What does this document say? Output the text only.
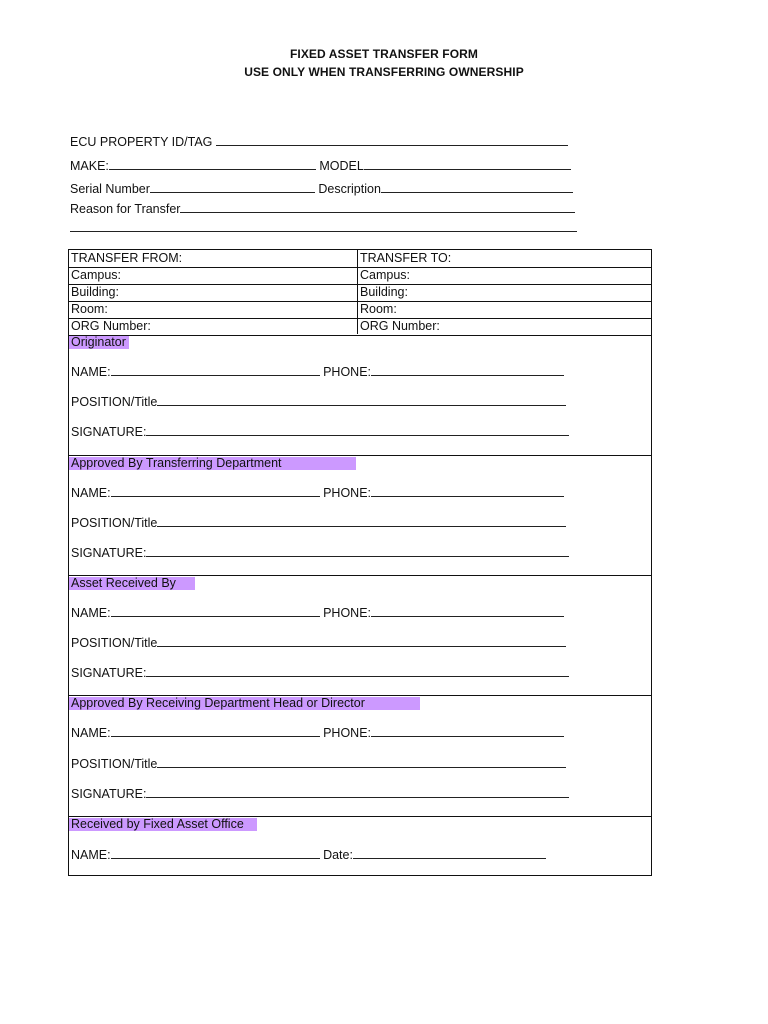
FIXED ASSET TRANSFER FORM
USE ONLY WHEN TRANSFERRING OWNERSHIP
ECU PROPERTY ID/TAG
MAKE:	MODEL
Serial Number	Description
Reason for Transfer
TRANSFER FROM:	TRANSFER TO:
Campus:	Campus:
Building:	Building:
Room:	Room:
ORG Number:	ORG Number:
Originator
NAME:	PHONE:
POSITION/Title
SIGNATURE:
Approved By Transferring Department
NAME:	PHONE:
POSITION/Title
SIGNATURE:
Asset Received By
NAME:	PHONE:
POSITION/Title
SIGNATURE:
Approved By Receiving Department Head or Director
NAME:	PHONE:
POSITION/Title
SIGNATURE:
Received by Fixed Asset Office
NAME:	Date:
